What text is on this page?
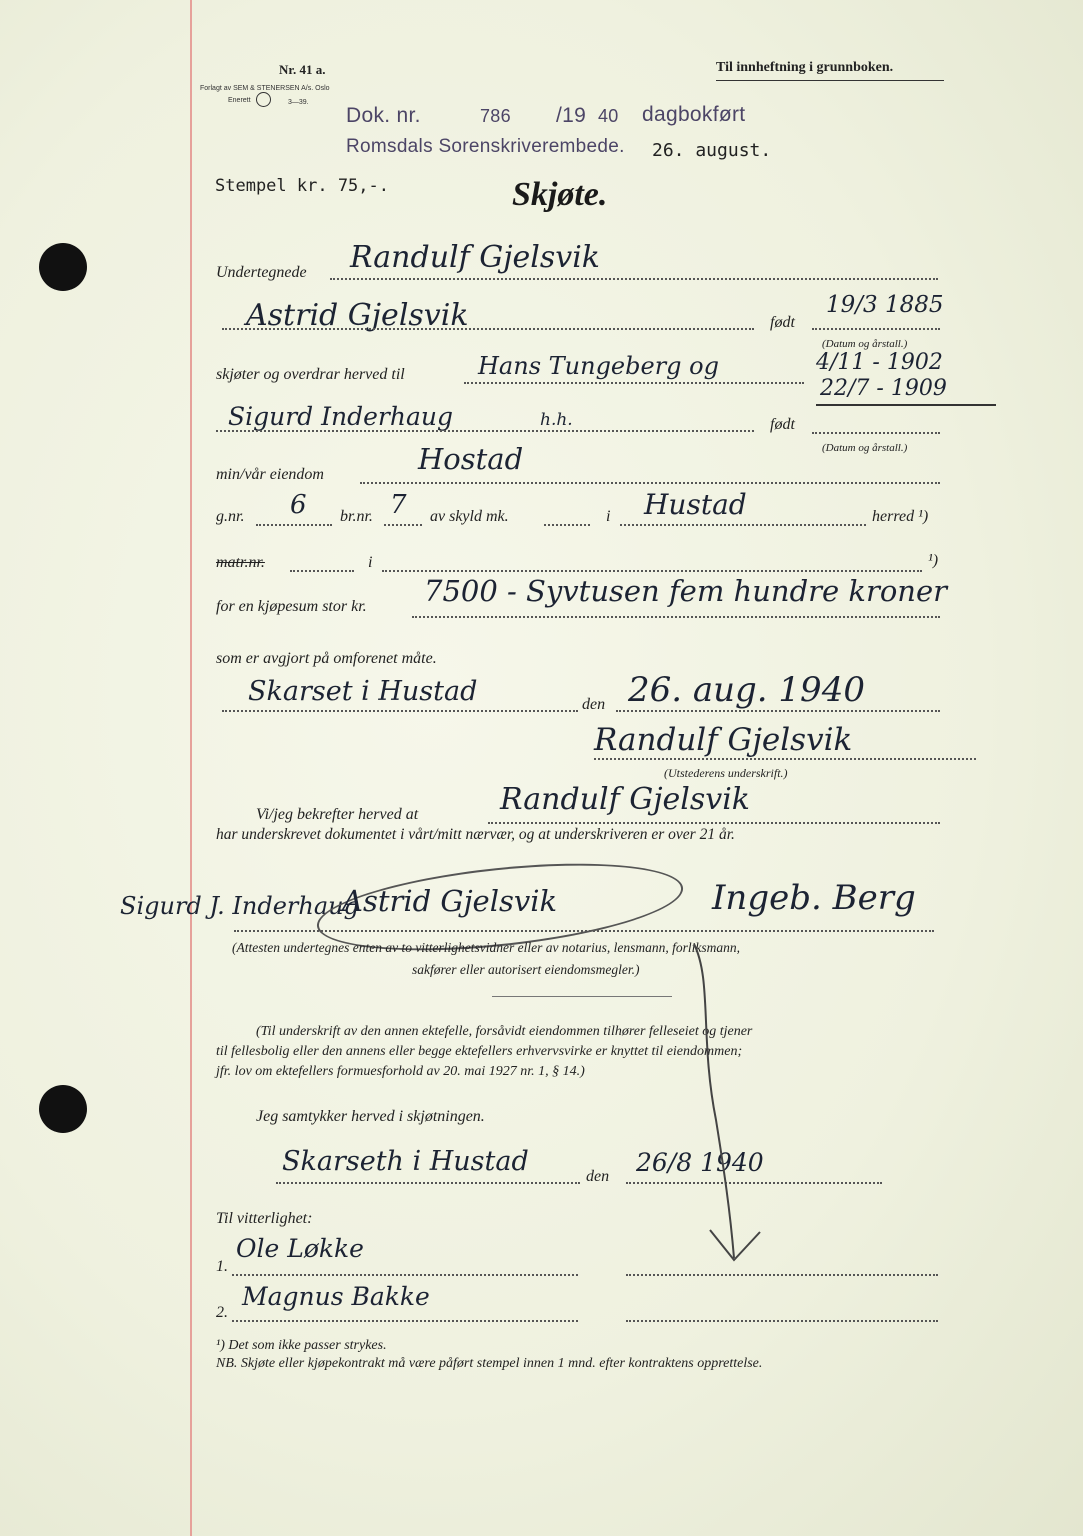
Nr. 41 a.
Forlagt av SEM & STENERSEN A/s. Oslo
Enerett	3—39.
Til innheftning i grunnboken.
Dok. nr.	786 /19 40 dagbokført
Romsdals Sorenskriverembede. 26. august.
Stempel kr. 75,-.	Skjøte.
Undertegnede Randulf Gjelsvik
Astrid Gjelsvik	født
19/3 1885
(Datum og årstall.)
skjøter og overdrar herved til	Hans Tungeberg og	4/11 - 1902
22/7 - 1909
Sigurd Inderhaug	h.h.	født
(Datum og årstall.)
min/vår eiendom	Hostad
g.nr. 6 br.nr. 7 av skyld mk.	i Hustad	herred ¹)
matr.nr.	i	¹)
for en kjøpesum stor kr. 7500 - Syvtusen fem hundre kroner
som er avgjort på omforenet måte.
Skarset i Hustad	den 26. aug. 1940
Randulf Gjelsvik
(Utstederens underskrift.)
Vi/jeg bekrefter herved at	Randulf Gjelsvik
har underskrevet dokumentet i vårt/mitt nærvær, og at underskriveren er over 21 år.
Sigurd J. Inderhaug
Astrid Gjelsvik	Ingeb. Berg
(Attesten undertegnes enten av to vitterlighetsvidner eller av notarius, lensmann, forliksmann,
sakfører eller autorisert eiendomsmegler.)
(Til underskrift av den annen ektefelle, forsåvidt eiendommen tilhører felleseiet og tjener
til fellesbolig eller den annens eller begge ektefellers erhvervsvirke er knyttet til eiendommen;
jfr. lov om ektefellers formuesforhold av 20. mai 1927 nr. 1, § 14.)
Jeg samtykker herved i skjøtningen.
Skarseth i Hustad	den 26/8 1940
Til vitterlighet:
1.
Ole Løkke
2.
Magnus Bakke
¹) Det som ikke passer strykes.
NB. Skjøte eller kjøpekontrakt må være påført stempel innen 1 mnd. efter kontraktens opprettelse.
